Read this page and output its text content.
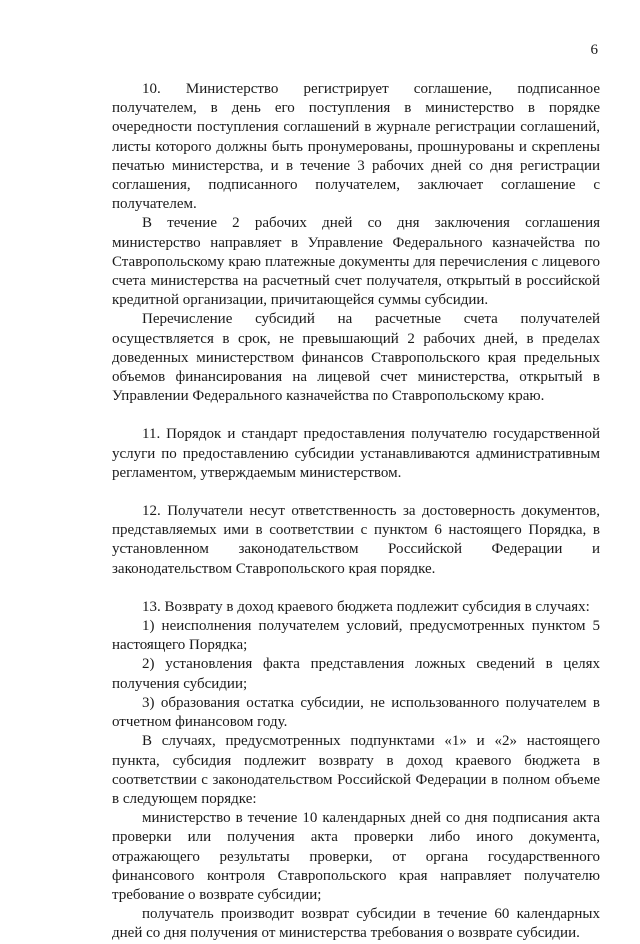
6

10. Министерство регистрирует соглашение, подписанное получателем, в день его поступления в министерство в порядке очередности поступления соглашений в журнале регистрации соглашений, листы которого должны быть пронумерованы, прошнурованы и скреплены печатью министерства, и в течение 3 рабочих дней со дня регистрации соглашения, подписанного получателем, заключает соглашение с получателем.

В течение 2 рабочих дней со дня заключения соглашения министерство направляет в Управление Федерального казначейства по Ставропольскому краю платежные документы для перечисления с лицевого счета министерства на расчетный счет получателя, открытый в российской кредитной организации, причитающейся суммы субсидии.

Перечисление субсидий на расчетные счета получателей осуществляется в срок, не превышающий 2 рабочих дней, в пределах доведенных министерством финансов Ставропольского края предельных объемов финансирования на лицевой счет министерства, открытый в Управлении Федерального казначейства по Ставропольскому краю.

11. Порядок и стандарт предоставления получателю государственной услуги по предоставлению субсидии устанавливаются административным регламентом, утверждаемым министерством.

12. Получатели несут ответственность за достоверность документов, представляемых ими в соответствии с пунктом 6 настоящего Порядка, в установленном законодательством Российской Федерации и законодательством Ставропольского края порядке.

13. Возврату в доход краевого бюджета подлежит субсидия в случаях:

1) неисполнения получателем условий, предусмотренных пунктом 5 настоящего Порядка;

2) установления факта представления ложных сведений в целях получения субсидии;

3) образования остатка субсидии, не использованного получателем в отчетном финансовом году.

В случаях, предусмотренных подпунктами «1» и «2» настоящего пункта, субсидия подлежит возврату в доход краевого бюджета в соответствии с законодательством Российской Федерации в полном объеме в следующем порядке:

министерство в течение 10 календарных дней со дня подписания акта проверки или получения акта проверки либо иного документа, отражающего результаты проверки, от органа государственного финансового контроля Ставропольского края направляет получателю требование о возврате субсидии;

получатель производит возврат субсидии в течение 60 календарных дней со дня получения от министерства требования о возврате субсидии.
